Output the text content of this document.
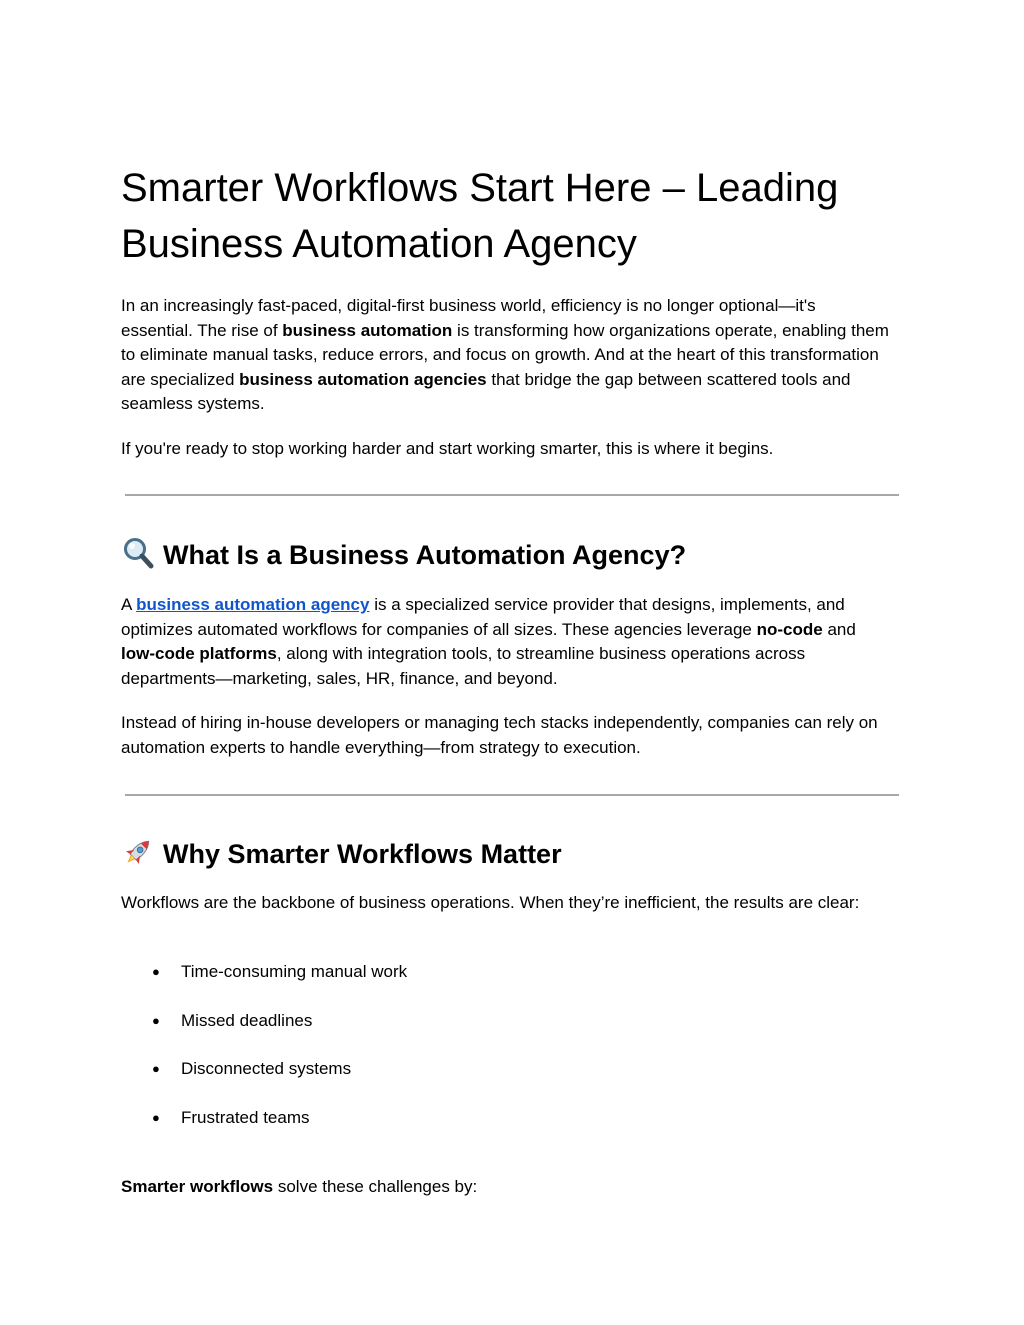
Smarter Workflows Start Here – Leading Business Automation Agency

In an increasingly fast-paced, digital-first business world, efficiency is no longer optional—it's essential. The rise of business automation is transforming how organizations operate, enabling them to eliminate manual tasks, reduce errors, and focus on growth. And at the heart of this transformation are specialized business automation agencies that bridge the gap between scattered tools and seamless systems.

If you're ready to stop working harder and start working smarter, this is where it begins.

What Is a Business Automation Agency?

A business automation agency is a specialized service provider that designs, implements, and optimizes automated workflows for companies of all sizes. These agencies leverage no-code and low-code platforms, along with integration tools, to streamline business operations across departments—marketing, sales, HR, finance, and beyond.

Instead of hiring in-house developers or managing tech stacks independently, companies can rely on automation experts to handle everything—from strategy to execution.

Why Smarter Workflows Matter

Workflows are the backbone of business operations. When they’re inefficient, the results are clear:

● Time-consuming manual work
● Missed deadlines
● Disconnected systems
● Frustrated teams

Smarter workflows solve these challenges by:
